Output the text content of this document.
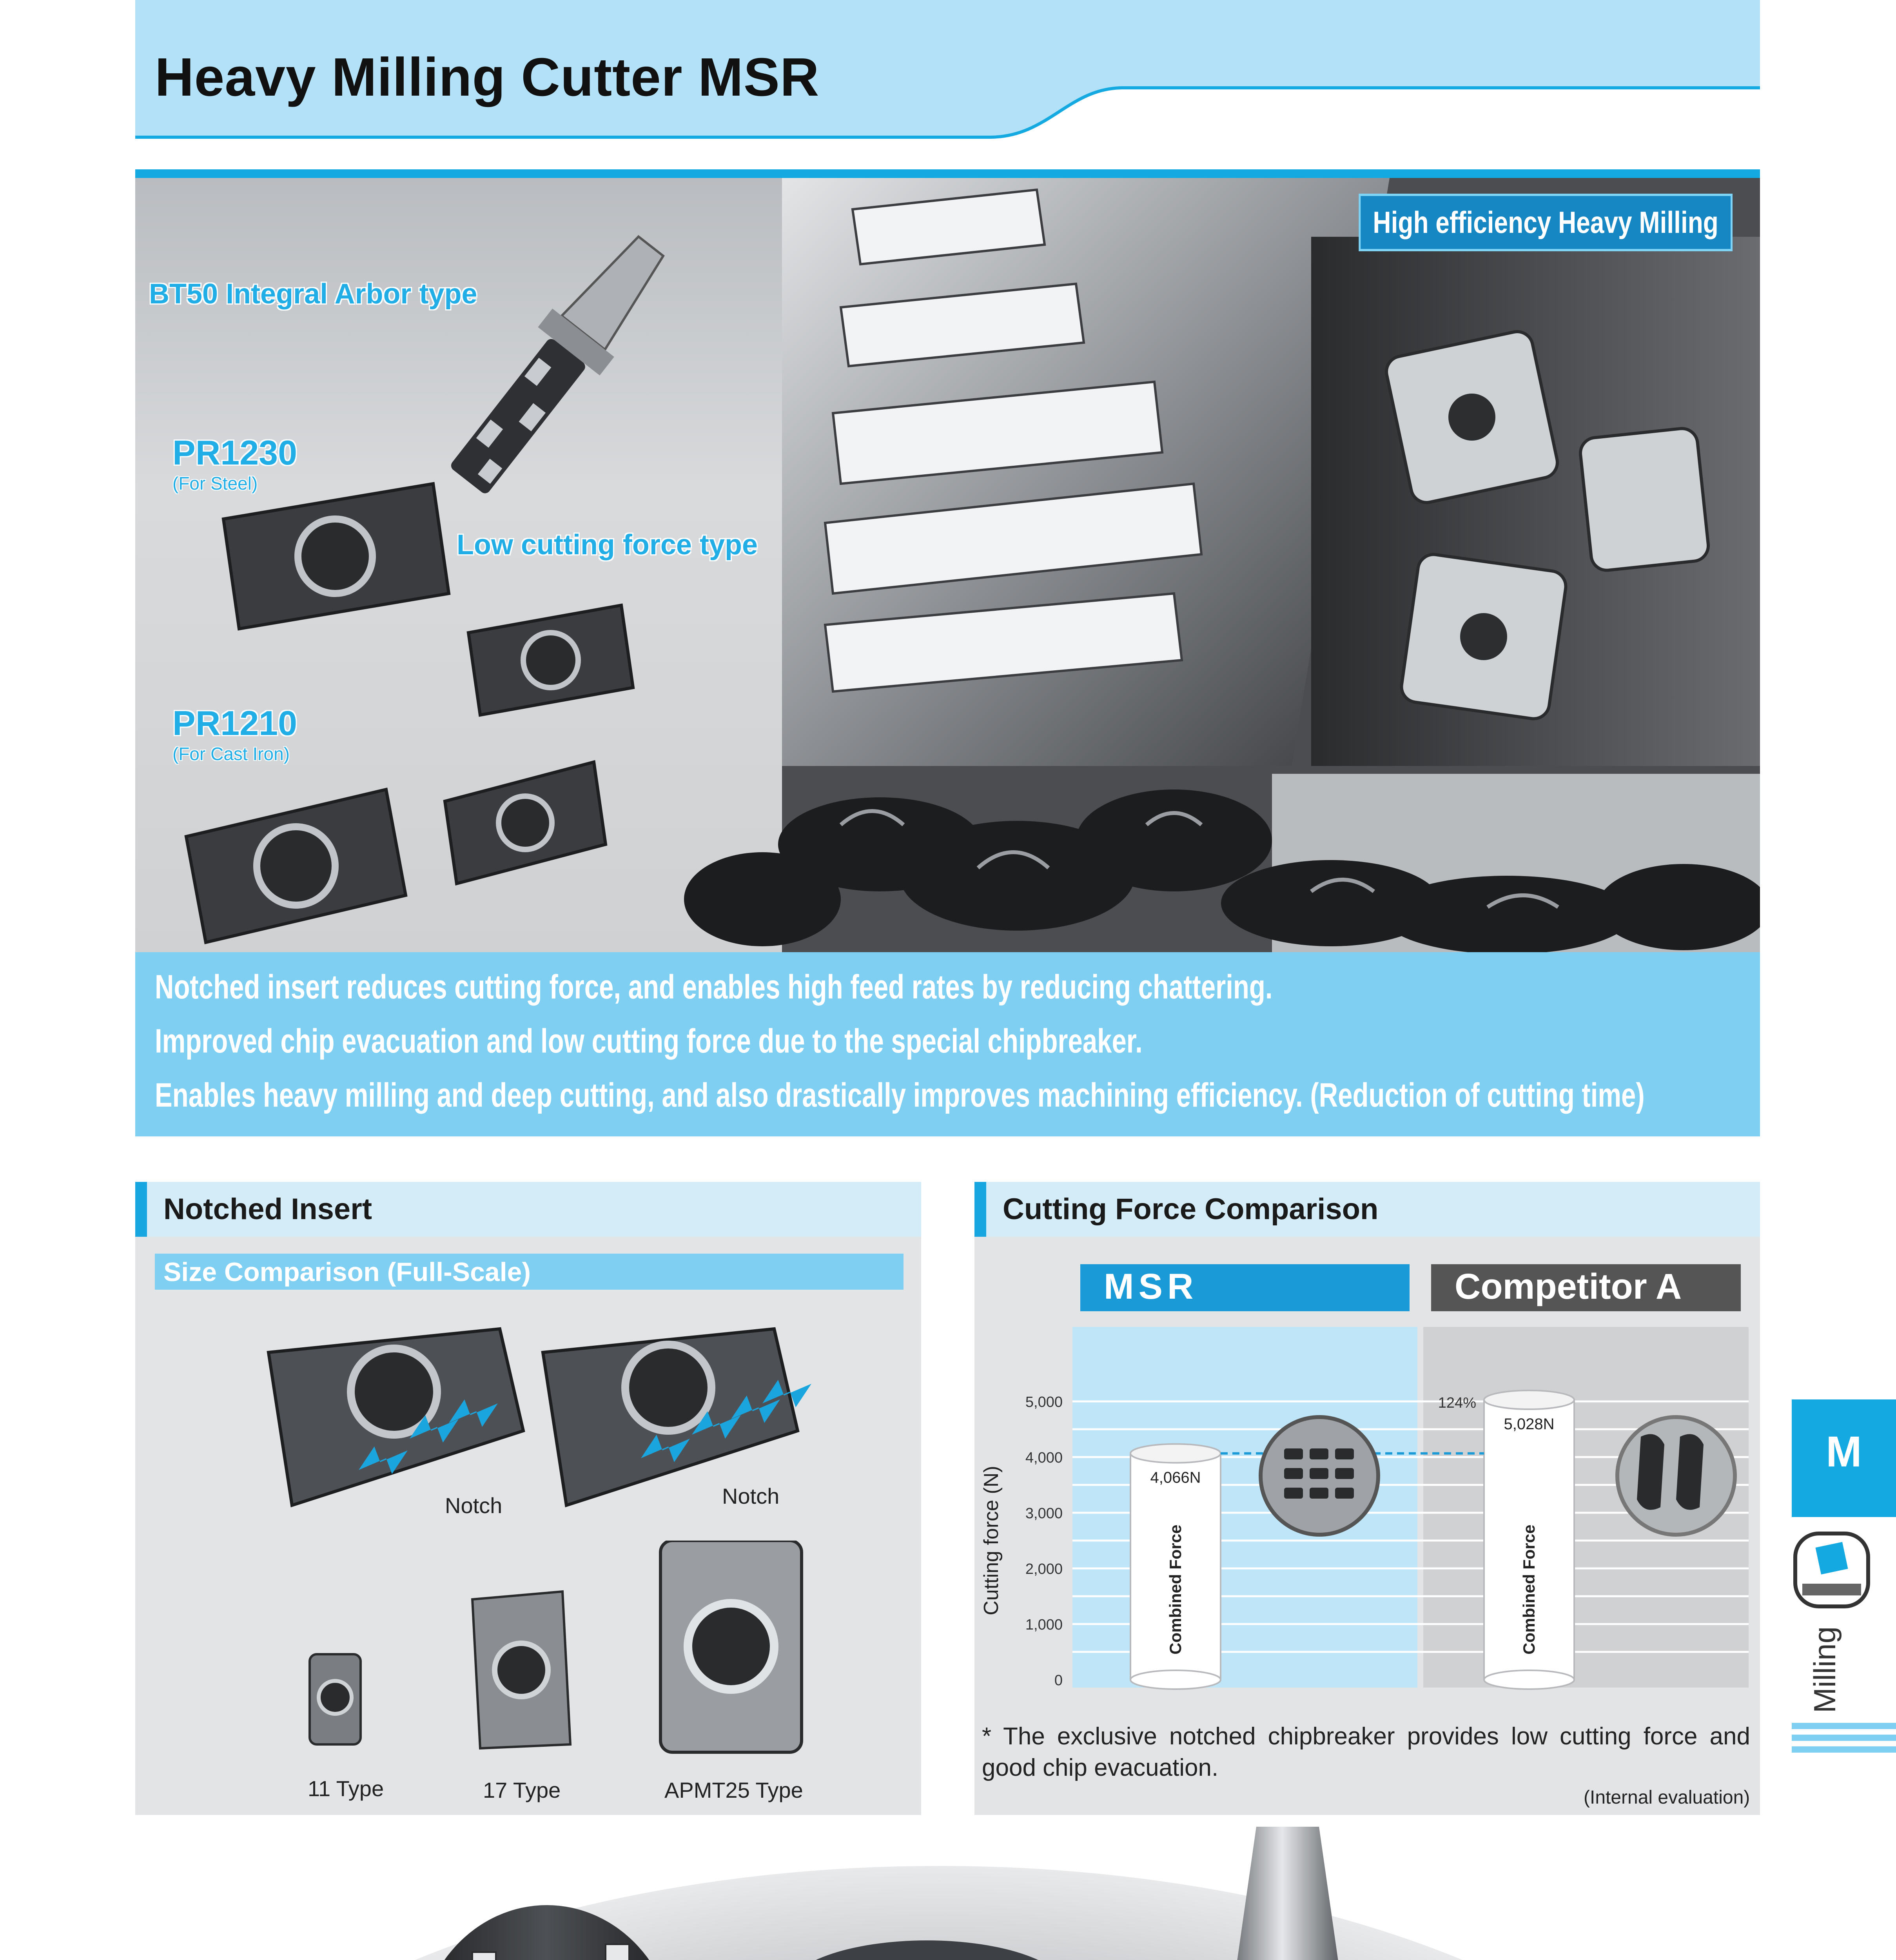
Heavy Milling Cutter MSR
BT50 Integral Arbor type
PR1230
(For Steel)
Low cutting force type
PR1210
(For Cast Iron)
High efficiency Heavy Milling
Notched insert reduces cutting force, and enables high feed rates by reducing chattering.
Improved chip evacuation and low cutting force due to the special chipbreaker.
Enables heavy milling and deep cutting, and also drastically improves machining efficiency. (Reduction of cutting time)
Notched Insert
Size Comparison (Full-Scale)
Notch	Notch
11 Type	17 Type	APMT25 Type
Cutting Force Comparison
MSR	Competitor A
4,066N
Combined Force
5,028N
Combined Force
0
1,000
2,000
3,000
4,000
5,000
Cutting force (N)
124%
* The exclusive notched chipbreaker provides low cutting force and good chip evacuation.
(Internal evaluation)
M
Milling
